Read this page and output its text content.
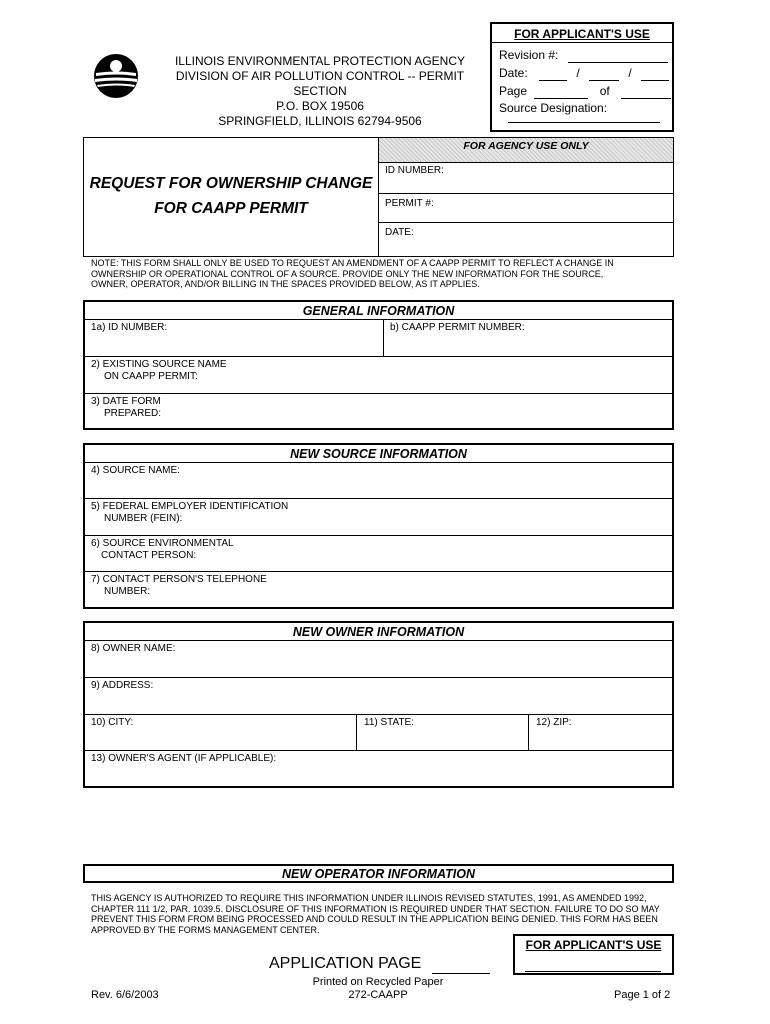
FOR APPLICANT'S USE
Revision #:
Date:	/	/
Page	of
Source Designation:
ILLINOIS ENVIRONMENTAL PROTECTION AGENCY
DIVISION OF AIR POLLUTION CONTROL -- PERMIT SECTION
P.O. BOX 19506
SPRINGFIELD, ILLINOIS 62794-9506
REQUEST FOR OWNERSHIP CHANGE
FOR CAAPP PERMIT
FOR AGENCY USE ONLY
ID NUMBER:
PERMIT #:
DATE:
NOTE: THIS FORM SHALL ONLY BE USED TO REQUEST AN AMENDMENT OF A CAAPP PERMIT TO REFLECT A CHANGE IN
OWNERSHIP OR OPERATIONAL CONTROL OF A SOURCE. PROVIDE ONLY THE NEW INFORMATION FOR THE SOURCE,
OWNER, OPERATOR, AND/OR BILLING IN THE SPACES PROVIDED BELOW, AS IT APPLIES.
GENERAL INFORMATION
1a) ID NUMBER:	b) CAAPP PERMIT NUMBER:
2) EXISTING SOURCE NAME
ON CAAPP PERMIT:
3) DATE FORM
PREPARED:
NEW SOURCE INFORMATION
4) SOURCE NAME:
5) FEDERAL EMPLOYER IDENTIFICATION
NUMBER (FEIN):
6) SOURCE ENVIRONMENTAL
CONTACT PERSON:
7) CONTACT PERSON'S TELEPHONE
NUMBER:
NEW OWNER INFORMATION
8) OWNER NAME:
9) ADDRESS:
10) CITY:	11) STATE:	12) ZIP:
13) OWNER'S AGENT (IF APPLICABLE):
NEW OPERATOR INFORMATION
THIS AGENCY IS AUTHORIZED TO REQUIRE THIS INFORMATION UNDER ILLINOIS REVISED STATUTES, 1991, AS AMENDED 1992,
CHAPTER 111 1/2, PAR. 1039.5. DISCLOSURE OF THIS INFORMATION IS REQUIRED UNDER THAT SECTION. FAILURE TO DO SO MAY
PREVENT THIS FORM FROM BEING PROCESSED AND COULD RESULT IN THE APPLICATION BEING DENIED. THIS FORM HAS BEEN
APPROVED BY THE FORMS MANAGEMENT CENTER.
FOR APPLICANT'S USE
APPLICATION PAGE
Rev. 6/6/2003
Printed on Recycled Paper
272-CAAPP	Page 1 of 2
